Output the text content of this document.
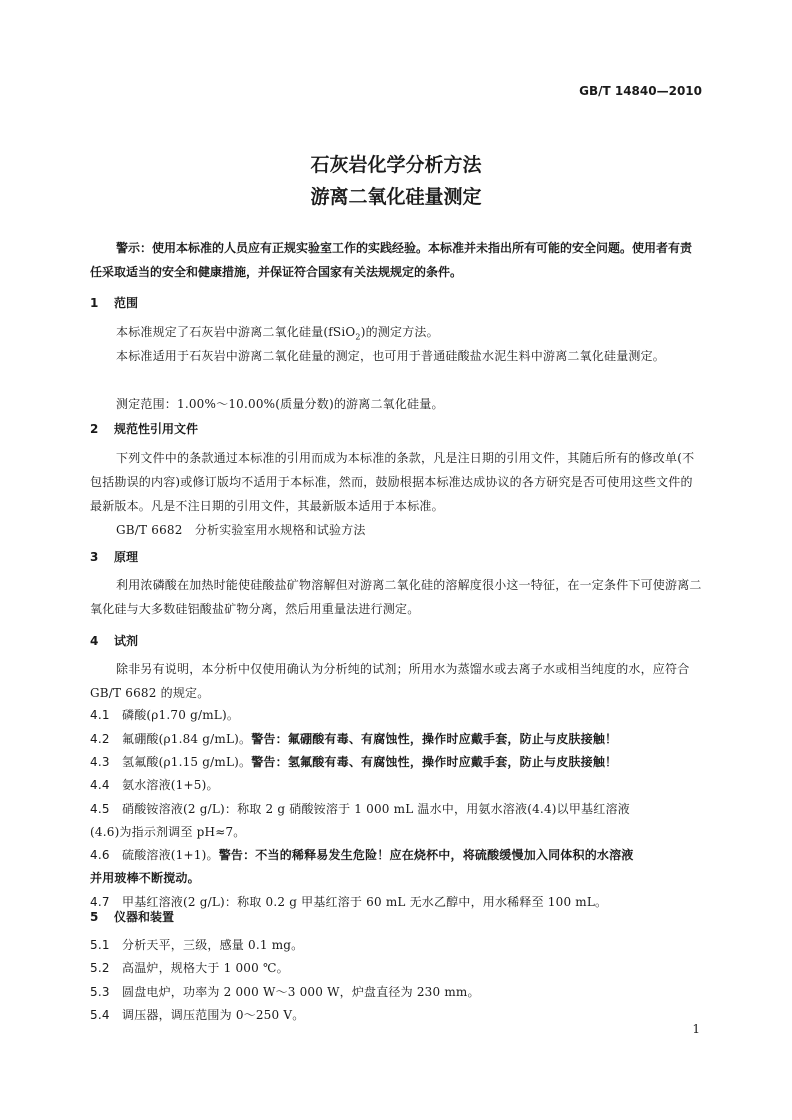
GB/T 14840—2010
石灰岩化学分析方法
游离二氧化硅量测定
警示：使用本标准的人员应有正规实验室工作的实践经验。本标准并未指出所有可能的安全问题。使用者有责任采取适当的安全和健康措施，并保证符合国家有关法规规定的条件。
1 范围
本标准规定了石灰岩中游离二氧化硅量(fSiO$_2$)的测定方法。
本标准适用于石灰岩中游离二氧化硅量的测定，也可用于普通硅酸盐水泥生料中游离二氧化硅量测定。
测定范围：1.00%～10.00%(质量分数)的游离二氧化硅量。
2 规范性引用文件
下列文件中的条款通过本标准的引用而成为本标准的条款，凡是注日期的引用文件，其随后所有的修改单(不包括勘误的内容)或修订版均不适用于本标准，然而，鼓励根据本标准达成协议的各方研究是否可使用这些文件的最新版本。凡是不注日期的引用文件，其最新版本适用于本标准。
GB/T 6682　分析实验室用水规格和试验方法
3 原理
利用浓磷酸在加热时能使硅酸盐矿物溶解但对游离二氧化硅的溶解度很小这一特征，在一定条件下可使游离二氧化硅与大多数硅铝酸盐矿物分离，然后用重量法进行测定。
4 试剂
除非另有说明，本分析中仅使用确认为分析纯的试剂；所用水为蒸馏水或去离子水或相当纯度的水，应符合 GB/T 6682 的规定。
4.1 磷酸(ρ1.70 g/mL)。
4.2 氟硼酸(ρ1.84 g/mL)。警告：氟硼酸有毒、有腐蚀性，操作时应戴手套，防止与皮肤接触！
4.3 氢氟酸(ρ1.15 g/mL)。警告：氢氟酸有毒、有腐蚀性，操作时应戴手套，防止与皮肤接触！
4.4 氨水溶液(1+5)。
4.5 硝酸铵溶液(2 g/L)：称取 2 g 硝酸铵溶于 1 000 mL 温水中，用氨水溶液(4.4)以甲基红溶液
(4.6)为指示剂调至 pH≈7。
4.6 硫酸溶液(1+1)。警告：不当的稀释易发生危险！应在烧杯中，将硫酸缓慢加入同体积的水溶液
并用玻棒不断搅动。
4.7 甲基红溶液(2 g/L)：称取 0.2 g 甲基红溶于 60 mL 无水乙醇中，用水稀释至 100 mL。
5 仪器和装置
5.1 分析天平，三级，感量 0.1 mg。
5.2 高温炉，规格大于 1 000 ℃。
5.3 圆盘电炉，功率为 2 000 W～3 000 W，炉盘直径为 230 mm。
5.4 调压器，调压范围为 0～250 V。
1
